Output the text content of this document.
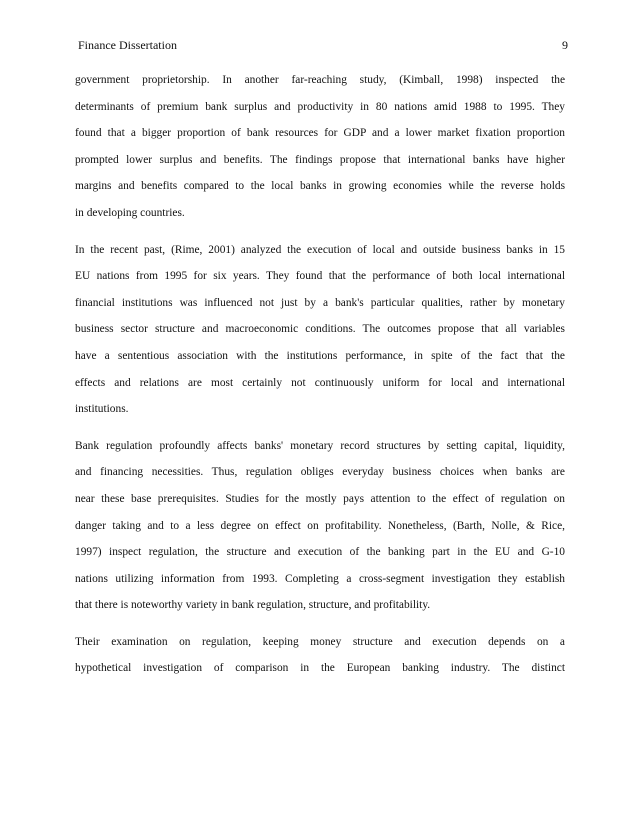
Finance Dissertation	9
government proprietorship. In another far-reaching study, (Kimball, 1998) inspected the
determinants of premium bank surplus and productivity in 80 nations amid 1988 to 1995. They
found that a bigger proportion of bank resources for GDP and a lower market fixation proportion
prompted lower surplus and benefits. The findings propose that international banks have higher
margins and benefits compared to the local banks in growing economies while the reverse holds
in developing countries.
In the recent past, (Rime, 2001) analyzed the execution of local and outside business banks in 15
EU nations from 1995 for six years. They found that the performance of both local international
financial institutions was influenced not just by a bank's particular qualities, rather by monetary
business sector structure and macroeconomic conditions. The outcomes propose that all variables
have a sententious association with the institutions performance, in spite of the fact that the
effects and relations are most certainly not continuously uniform for local and international
institutions.
Bank regulation profoundly affects banks' monetary record structures by setting capital, liquidity,
and financing necessities. Thus, regulation obliges everyday business choices when banks are
near these base prerequisites. Studies for the mostly pays attention to the effect of regulation on
danger taking and to a less degree on effect on profitability. Nonetheless, (Barth, Nolle, & Rice,
1997) inspect regulation, the structure and execution of the banking part in the EU and G-10
nations utilizing information from 1993. Completing a cross-segment investigation they establish
that there is noteworthy variety in bank regulation, structure, and profitability.
Their examination on regulation, keeping money structure and execution depends on a
hypothetical investigation of comparison in the European banking industry. The distinct
